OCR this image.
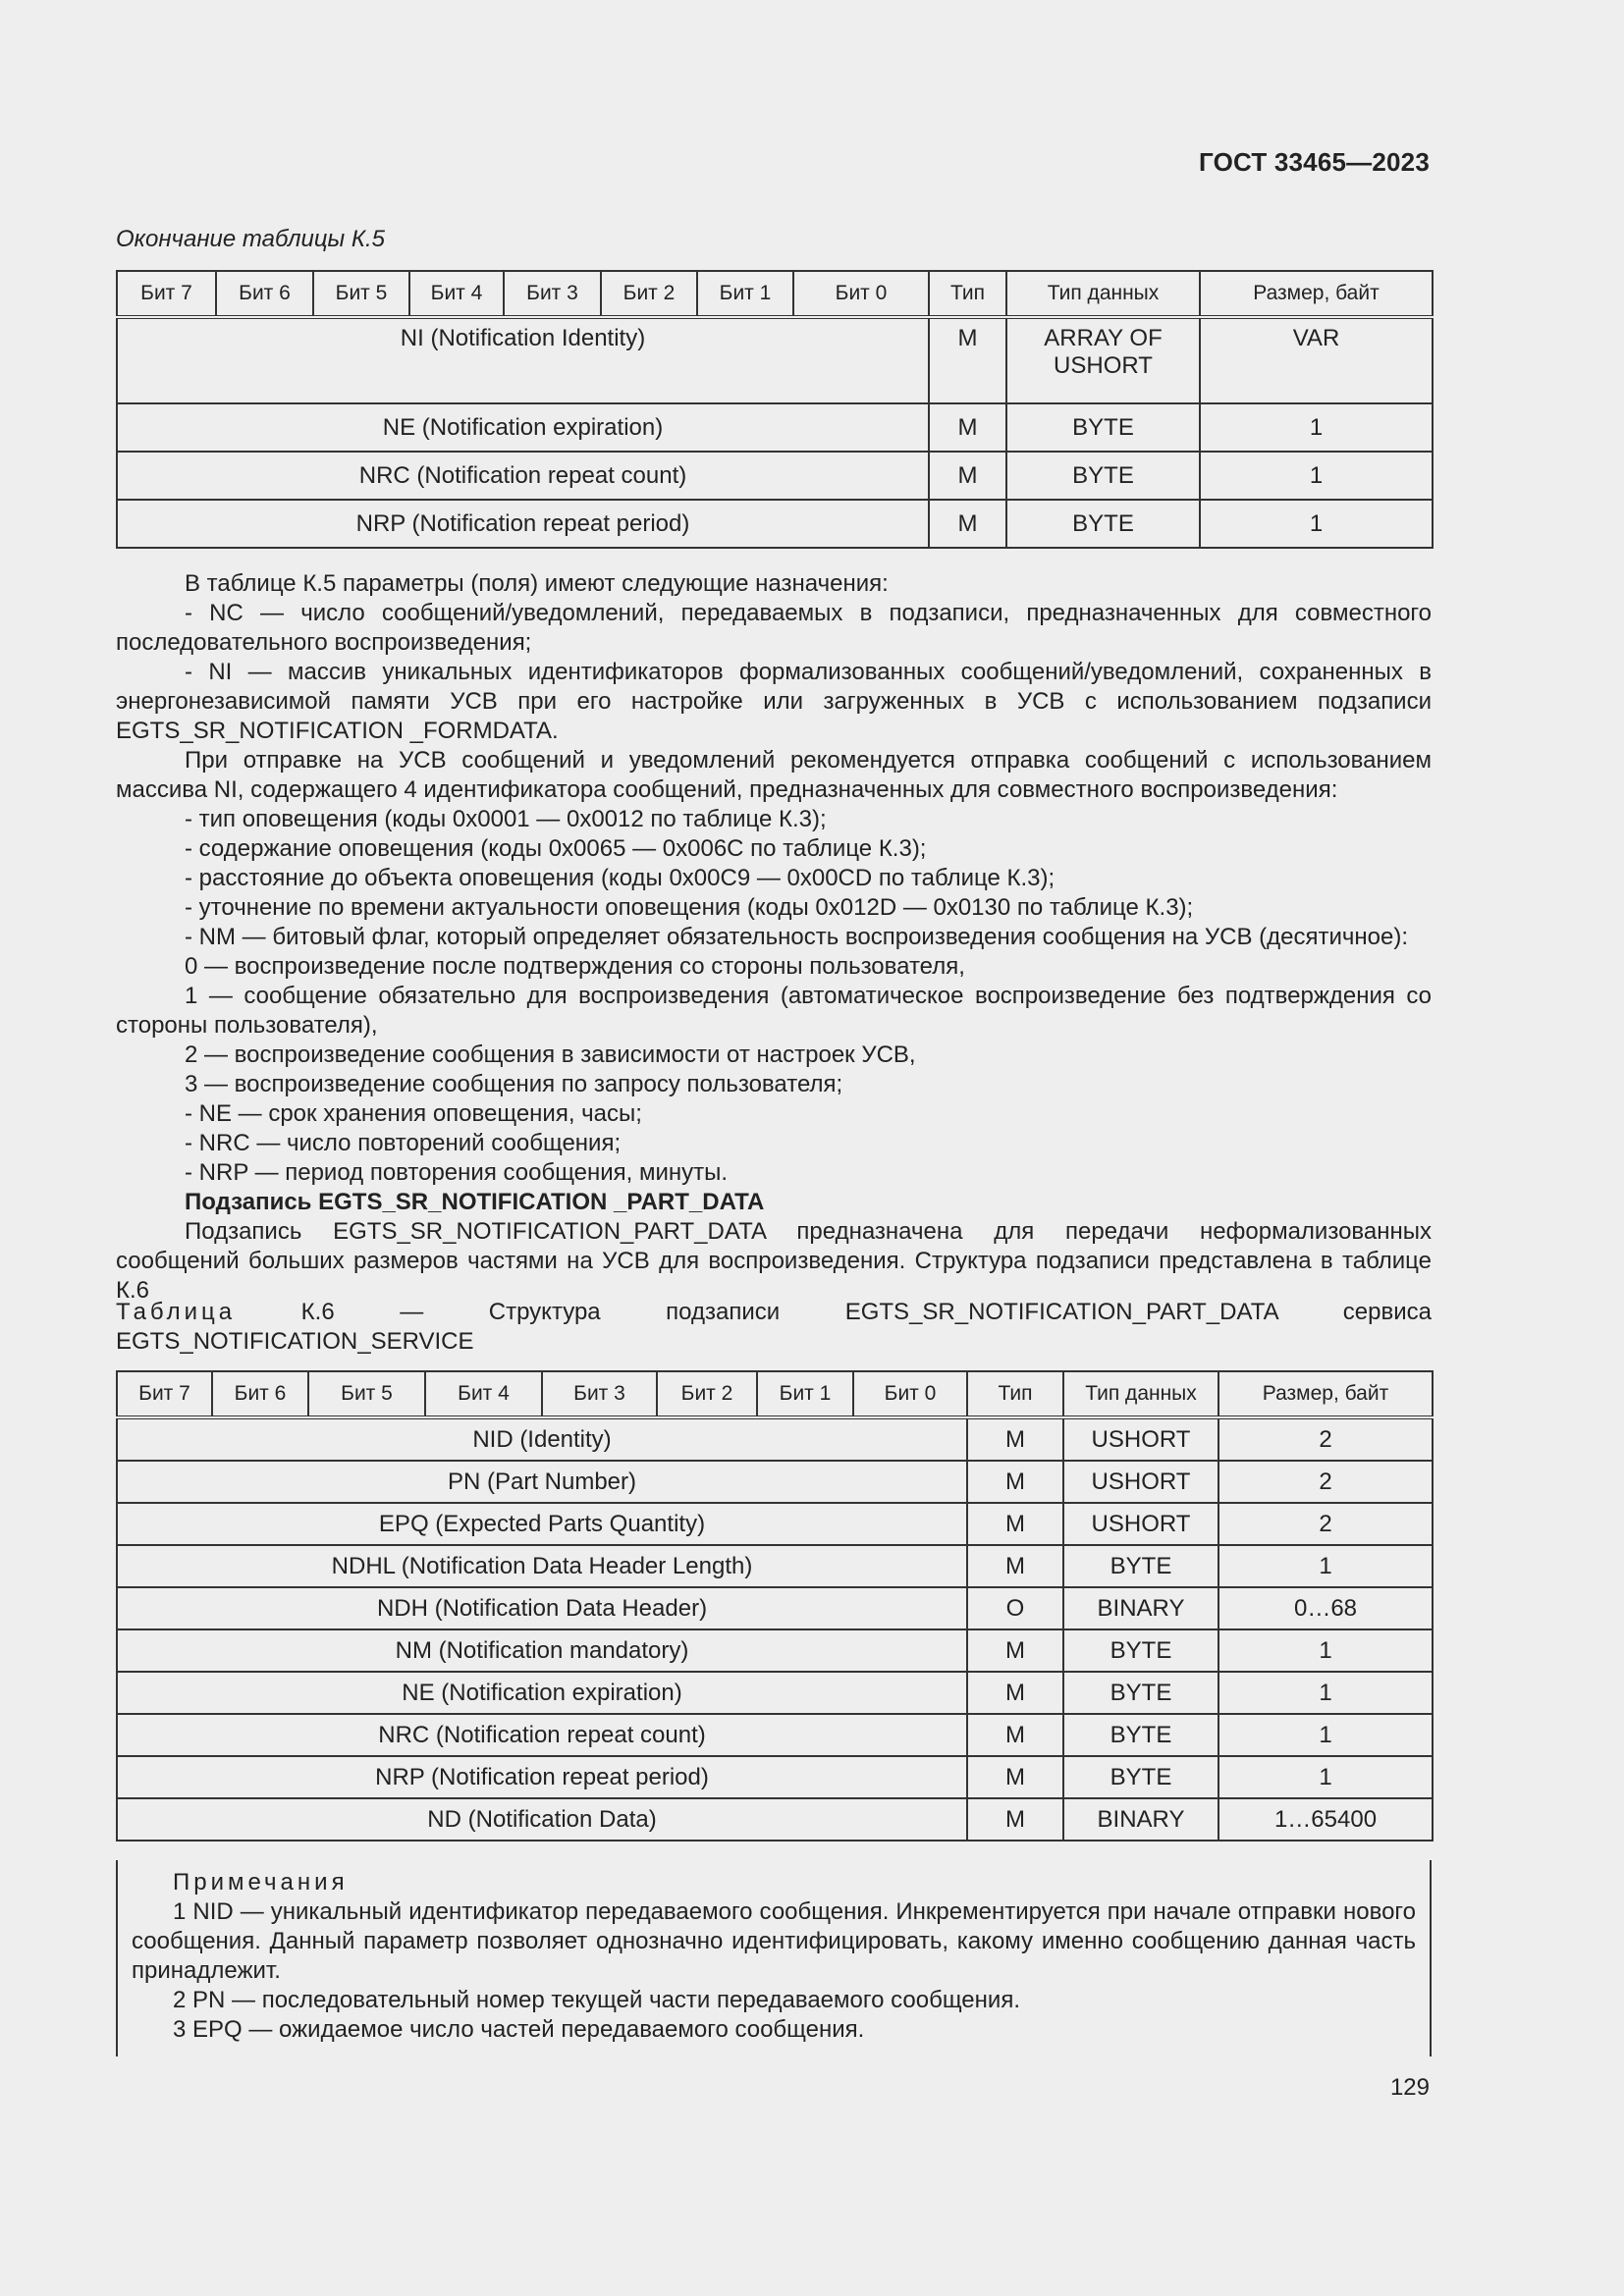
ГОСТ 33465—2023
Окончание таблицы К.5
Бит 7	Бит 6	Бит 5	Бит 4	Бит 3	Бит 2	Бит 1	Бит 0	Тип	Тип данных	Размер, байт
NI (Notification Identity)								M	ARRAY OF USHORT	VAR
NE (Notification expiration)								M	BYTE	1
NRC (Notification repeat count)								M	BYTE	1
NRP (Notification repeat period)								M	BYTE	1

В таблице К.5 параметры (поля) имеют следующие назначения:

- NC — число сообщений/уведомлений, передаваемых в подзаписи, предназначенных для совместного последовательного воспроизведения;

- NI — массив уникальных идентификаторов формализованных сообщений/уведомлений, сохраненных в энергонезависимой памяти УСВ при его настройке или загруженных в УСВ с использованием подзаписи EGTS_SR_NOTIFICATION _FORMDATA.

При отправке на УСВ сообщений и уведомлений рекомендуется отправка сообщений с использованием массива NI, содержащего 4 идентификатора сообщений, предназначенных для совместного воспроизведения:

- тип оповещения (коды 0x0001 — 0x0012 по таблице К.3);

- содержание оповещения (коды 0x0065 — 0x006C по таблице К.3);

- расстояние до объекта оповещения (коды 0x00C9 — 0x00CD по таблице К.3);

- уточнение по времени актуальности оповещения (коды 0x012D — 0x0130 по таблице К.3);

- NM — битовый флаг, который определяет обязательность воспроизведения сообщения на УСВ (десятичное):

0 — воспроизведение после подтверждения со стороны пользователя,

1 — сообщение обязательно для воспроизведения (автоматическое воспроизведение без подтверждения со стороны пользователя),

2 — воспроизведение сообщения в зависимости от настроек УСВ,

3 — воспроизведение сообщения по запросу пользователя;

- NE — срок хранения оповещения, часы;

- NRC — число повторений сообщения;

- NRP — период повторения сообщения, минуты.

Подзапись EGTS_SR_NOTIFICATION _PART_DATA

Подзапись EGTS_SR_NOTIFICATION_PART_DATA предназначена для передачи неформализованных сообщений больших размеров частями на УСВ для воспроизведения. Структура подзаписи представлена в таблице К.6

Таблица	К.6 — Структура подзаписи EGTS_SR_NOTIFICATION_PART_DATA сервиса EGTS_NOTIFICATION_SERVICE
Бит 7	Бит 6	Бит 5	Бит 4	Бит 3	Бит 2	Бит 1	Бит 0	Тип	Тип данных	Размер, байт
NID (Identity)								M	USHORT	2
PN (Part Number)								M	USHORT	2
EPQ (Expected Parts Quantity)								M	USHORT	2
NDHL (Notification Data Header Length)								M	BYTE	1
NDH (Notification Data Header)								O	BINARY	0…68
NM (Notification mandatory)								M	BYTE	1
NE (Notification expiration)								M	BYTE	1
NRC (Notification repeat count)								M	BYTE	1
NRP (Notification repeat period)								M	BYTE	1
ND (Notification Data)								M	BINARY	1…65400

Примечания

1 NID — уникальный идентификатор передаваемого сообщения. Инкрементируется при начале отправки нового сообщения. Данный параметр позволяет однозначно идентифицировать, какому именно сообщению данная часть принадлежит.

2 PN — последовательный номер текущей части передаваемого сообщения.

3 EPQ — ожидаемое число частей передаваемого сообщения.

129
